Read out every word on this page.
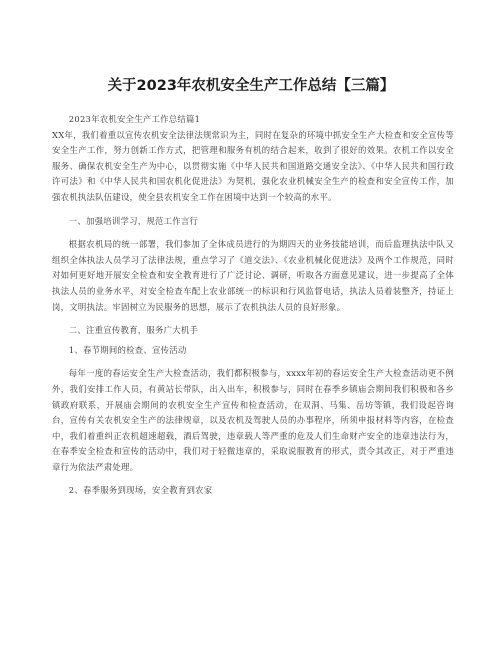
关于2023年农机安全生产工作总结【三篇】

2023年农机安全生产工作总结篇1

XX年，我们着重以宣传农机安全法律法规常识为主，同时在复杂的环境中抓安全生产大检查和安全宣传等安全生产工作，努力创新工作方式，把管理和服务有机的结合起来，收到了很好的效果。农机工作以安全服务、确保农机安全生产为中心，以贯彻实施《中华人民共和国道路交通安全法》、《中华人民共和国行政许可法》和《中华人民共和国农机化促进法》为契机，强化农业机械安全生产的检查和安全宣传工作，加强农机执法队伍建设，使全县农机安全工作在困境中达到一个较高的水平。

一、加强培训学习，规范工作言行

根据农机局的统一部署，我们参加了全体成员进行的为期四天的业务技能培训，而后监理执法中队又组织全体执法人员学习了法律法规，重点学习了《道交法》、《农业机械化促进法》及两个工作规范，同时对如何更好地开展安全检查和安全教育进行了广泛讨论、调研，听取各方面意见建议，进一步提高了全体执法人员的业务水平，对安全检查车配上农业部统一的标识和行风监督电话，执法人员着装整齐，持证上岗，文明执法。牢固树立为民服务的思想，展示了农机执法人员的良好形象。

二、注重宣传教育，服务广大机手

1、春节期间的检查、宣传活动

每年一度的春运安全生产大检查活动，我们都积极参与，xxxx年初的春运安全生产大检查活动更不例外，我们安排工作人员，有黄站长带队，出入出车，积极参与，同时在春季乡镇庙会期间我们积极和各乡镇政府联系，开展庙会期间的农机安全生产宣传和检查活动，在双洞、马集、岳坊等镇，我们设起咨询台，宣传有关农机安全生产的法律规章，以及农机及驾驶人员的办事程序，所须申报材料等内容，在检查中，我们着重纠正农机超速超载，酒后驾驶，违章载人等严重的危及人们生命财产安全的违章违法行为，在春季安全检查和宣传的活动中，我们对于轻微违章的，采取说服教育的形式，责令其改正，对于严重违章行为依法严肃处理。

2、春季服务到现场，安全教育到农家
